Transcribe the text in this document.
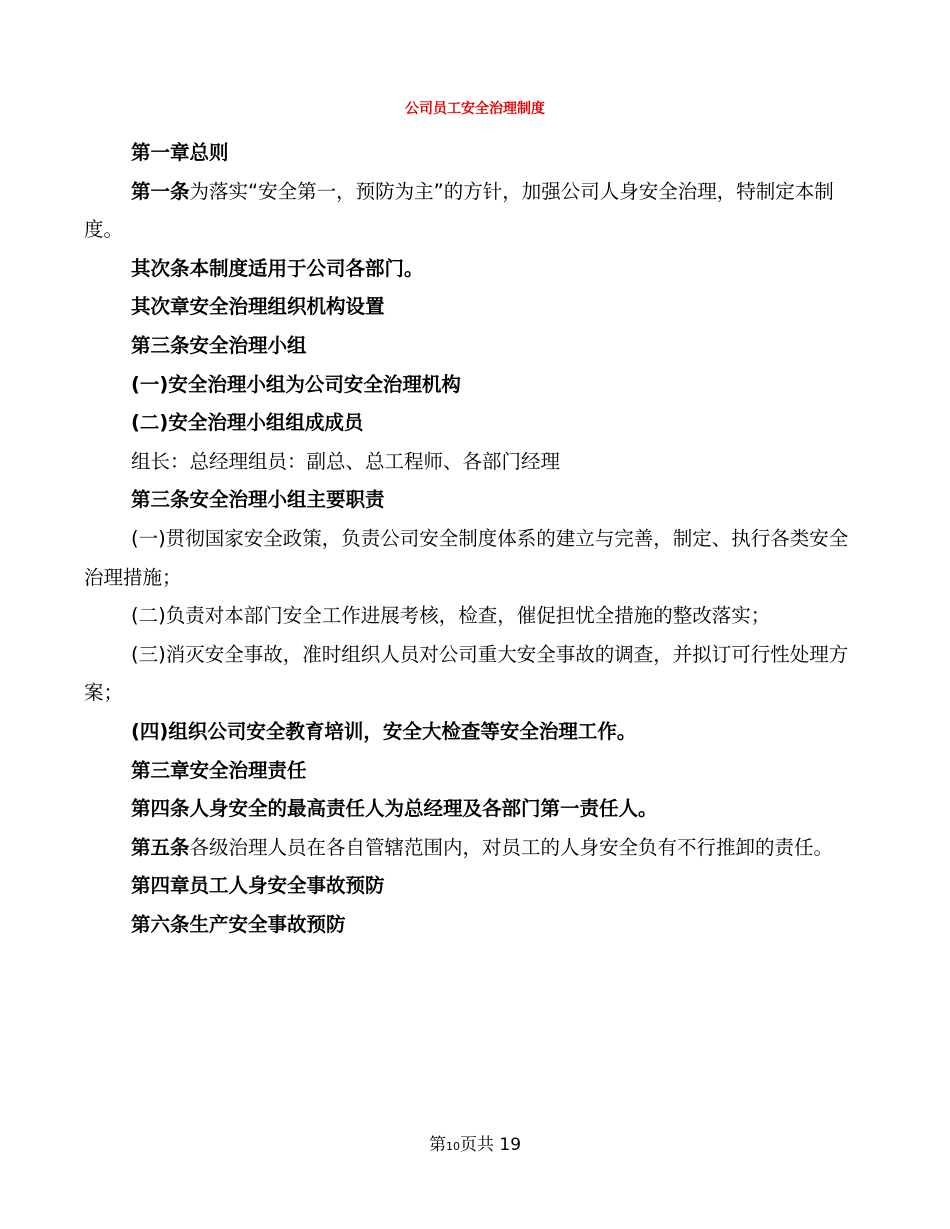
公司员工安全治理制度

第一章总则

第一条为落实“安全第一，预防为主”的方针，加强公司人身安全治理，特制定本制度。

其次条本制度适用于公司各部门。

其次章安全治理组织机构设置

第三条安全治理小组

(一)安全治理小组为公司安全治理机构

(二)安全治理小组组成成员

组长：总经理组员：副总、总工程师、各部门经理

第三条安全治理小组主要职责

(一)贯彻国家安全政策，负责公司安全制度体系的建立与完善，制定、执行各类安全治理措施；

(二)负责对本部门安全工作进展考核，检查，催促担忧全措施的整改落实；

(三)消灭安全事故，准时组织人员对公司重大安全事故的调查，并拟订可行性处理方案；

(四)组织公司安全教育培训，安全大检查等安全治理工作。

第三章安全治理责任

第四条人身安全的最高责任人为总经理及各部门第一责任人。

第五条各级治理人员在各自管辖范围内，对员工的人身安全负有不行推卸的责任。

第四章员工人身安全事故预防

第六条生产安全事故预防

第10页共 19
